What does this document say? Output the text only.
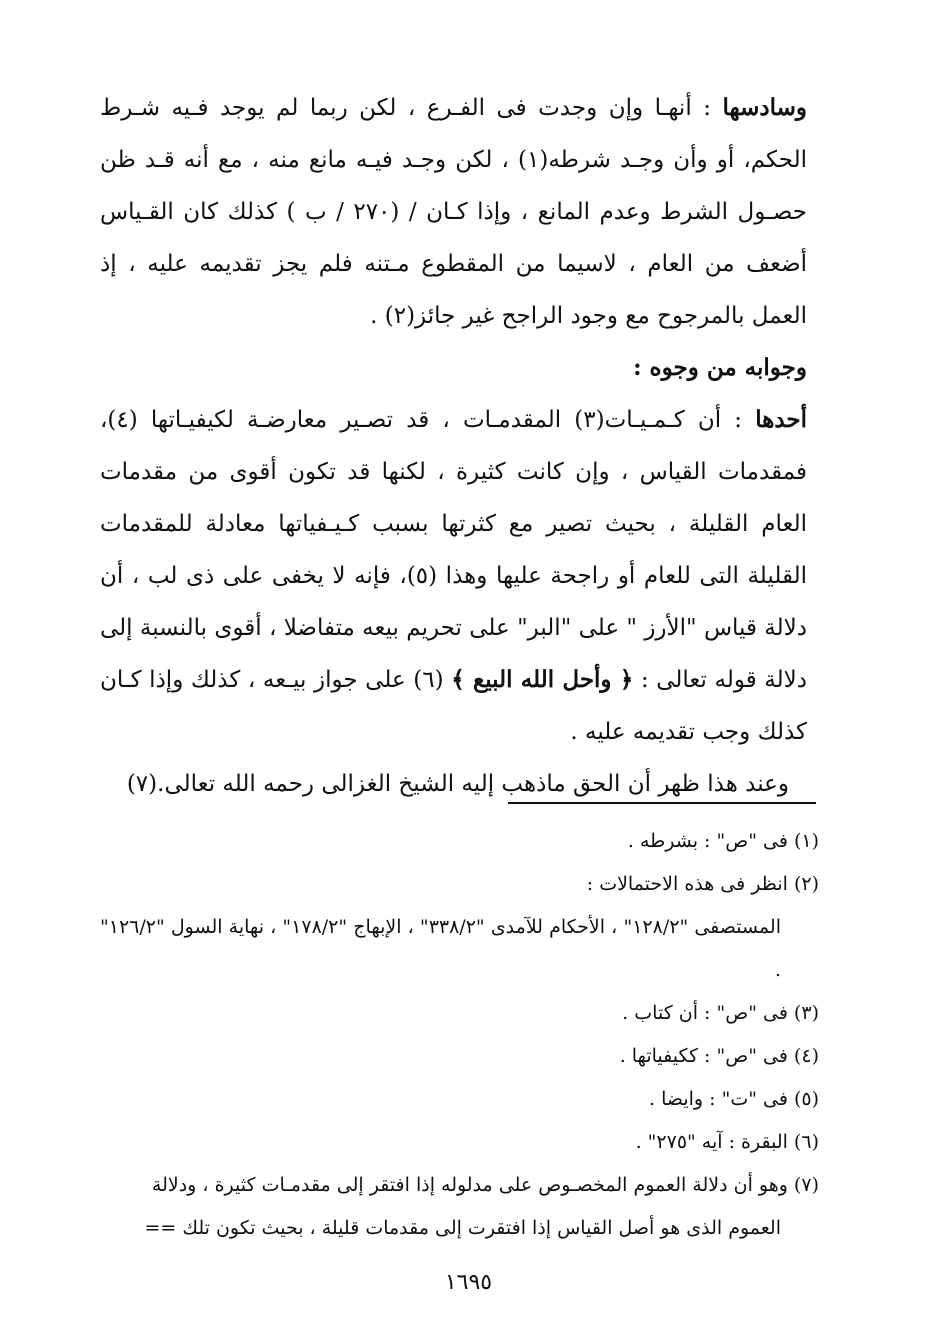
وسادسها : أنهـا وإن وجدت فى الفـرع ، لكن ربما لم يوجد فـيه شـرط الحكم، أو وأن وجـد شرطه(١) ، لكن وجـد فيـه مانع منه ، مع أنه قـد ظن حصـول الشرط وعدم المانع ، وإذا كـان / (٢٧٠ / ب ) كذلك كان القـياس أضعف من العام ، لاسيما من المقطوع مـتنه فلم يجز تقديمه عليه ، إذ العمل بالمرجوح مع وجود الراجح غير جائز(٢) .

وجوابه من وجوه :

أحدها : أن كـمـيـات(٣) المقدمـات ، قد تصـير معارضـة لكيفيـاتها (٤)، فمقدمات القياس ، وإن كانت كثيرة ، لكنها قد تكون أقوى من مقدمات العام القليلة ، بحيث تصير مع كثرتها بسبب كـيـفياتها معادلة للمقدمات القليلة التى للعام أو راجحة عليها وهذا (٥)، فإنه لا يخفى على ذى لب ، أن دلالة قياس "الأرز " على "البر" على تحريم بيعه متفاضلا ، أقوى بالنسبة إلى دلالة قوله تعالى : ﴿ وأحل الله البيع ﴾ (٦) على جواز بيـعه ، كذلك وإذا كـان كذلك وجب تقديمه عليه .

وعند هذا ظهر أن الحق ماذهب إليه الشيخ الغزالى رحمه الله تعالى.(٧)

(١) فى "ص" : بشرطه .

(٢) انظر فى هذه الاحتمالات :

المستصفى "١٢٨/٢" ، الأحكام للآمدى "٣٣٨/٢" ، الإبهاج "١٧٨/٢" ، نهاية السول "١٢٦/٢" .

(٣) فى "ص" : أن كتاب .

(٤) فى "ص" : ككيفياتها .

(٥) فى "ت" : وايضا .

(٦) البقرة : آيه "٢٧٥" .

(٧) وهو أن دلالة العموم المخصـوص على مدلوله إذا افتقر إلى مقدمـات كثيرة ، ودلالة

العموم الذى هو أصل القياس إذا افتقرت إلى مقدمات قليلة ، بحيث تكون تلك ==

١٦٩٥
